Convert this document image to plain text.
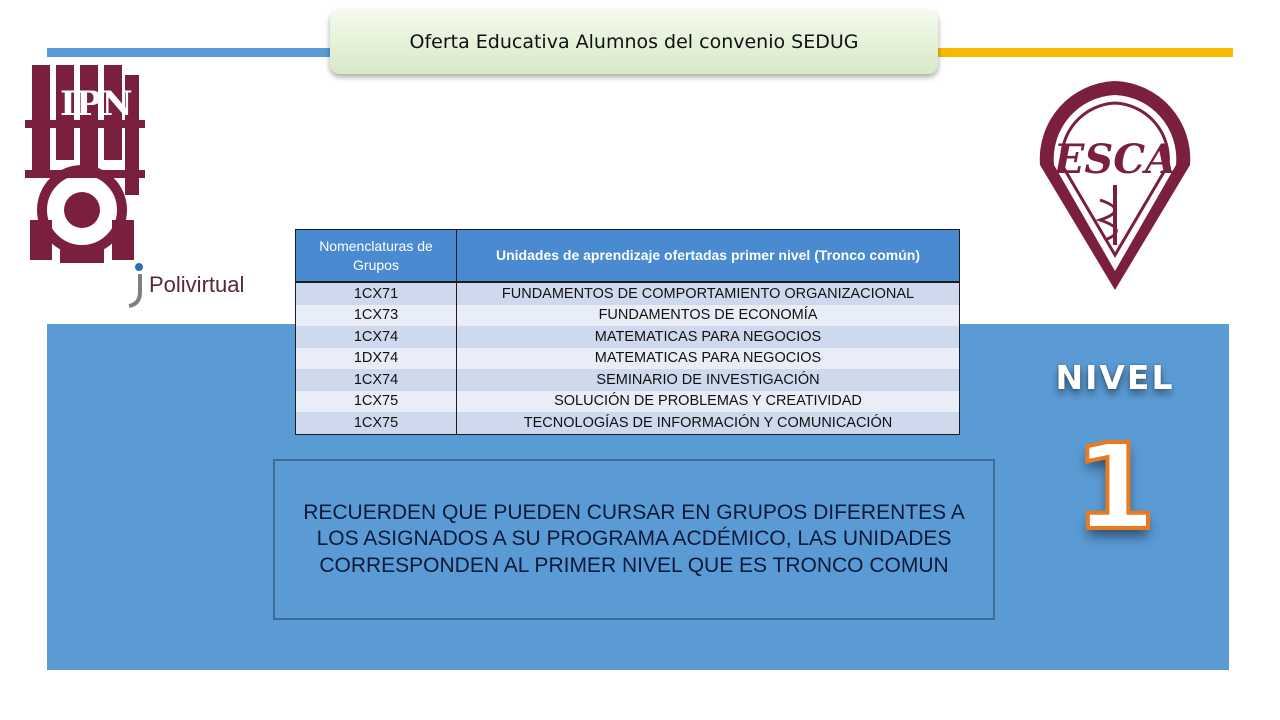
Oferta Educativa Alumnos del convenio SEDUG
IPN
Polivirtual
ESCA
Nomenclaturas de Grupos	Unidades de aprendizaje ofertadas primer nivel (Tronco común)
1CX71	FUNDAMENTOS DE COMPORTAMIENTO ORGANIZACIONAL
1CX73	FUNDAMENTOS DE ECONOMÍA
1CX74	MATEMATICAS PARA NEGOCIOS
1DX74	MATEMATICAS PARA NEGOCIOS
1CX74	SEMINARIO DE INVESTIGACIÓN
1CX75	SOLUCIÓN DE PROBLEMAS Y CREATIVIDAD
1CX75	TECNOLOGÍAS DE INFORMACIÓN Y COMUNICACIÓN
RECUERDEN QUE PUEDEN CURSAR EN GRUPOS DIFERENTES A LOS ASIGNADOS A SU PROGRAMA ACDÉMICO, LAS UNIDADES CORRESPONDEN AL PRIMER NIVEL QUE ES TRONCO COMUN
NIVEL
1
